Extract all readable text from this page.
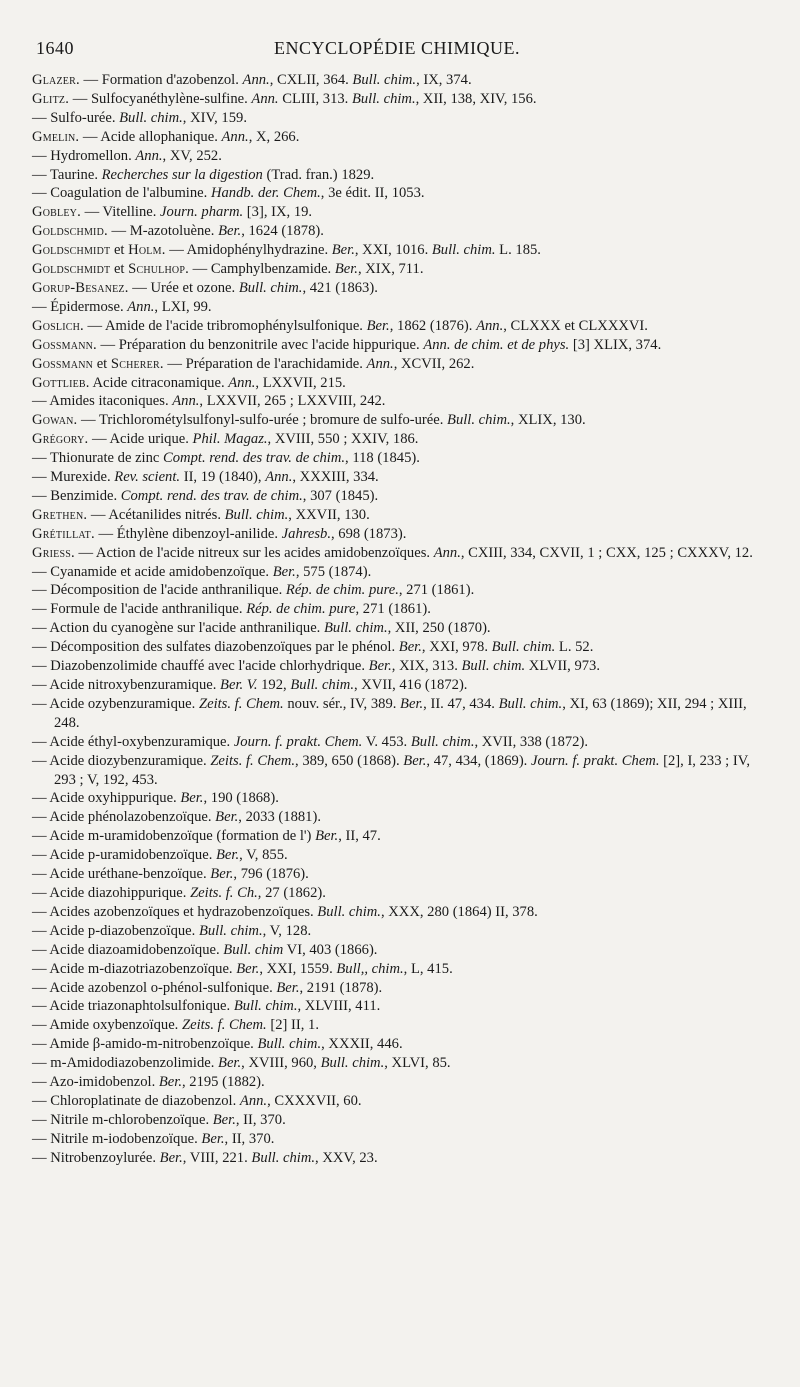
1640	ENCYCLOPÉDIE CHIMIQUE.
Glazer. — Formation d'azobenzol. Ann., CXLII, 364. Bull. chim., IX, 374.
Glitz. — Sulfocyanéthylène-sulfine. Ann. CLIII, 313. Bull. chim., XII, 138, XIV, 156.
— Sulfo-urée. Bull. chim., XIV, 159.
Gmelin. — Acide allophanique. Ann., X, 266.
— Hydromellon. Ann., XV, 252.
— Taurine. Recherches sur la digestion (Trad. fran.) 1829.
— Coagulation de l'albumine. Handb. der. Chem., 3e édit. II, 1053.
Gobley. — Vitelline. Journ. pharm. [3], IX, 19.
Goldschmid. — M-azotoluène. Ber., 1624 (1878).
Goldschmidt et Holm. — Amidophénylhydrazine. Ber., XXI, 1016. Bull. chim. L. 185.
Goldschmidt et Schulhop. — Camphylbenzamide. Ber., XIX, 711.
Gorup-Besanez. — Urée et ozone. Bull. chim., 421 (1863).
— Épidermose. Ann., LXI, 99.
Goslich. — Amide de l'acide tribromophénylsulfonique. Ber., 1862 (1876). Ann., CLXXX et CLXXXVI.
Gossmann. — Préparation du benzonitrile avec l'acide hippurique. Ann. de chim. et de phys. [3] XLIX, 374.
Gossmann et Scherer. — Préparation de l'arachidamide. Ann., XCVII, 262.
Gottlieb. Acide citraconamique. Ann., LXXVII, 215.
— Amides itaconiques. Ann., LXXVII, 265 ; LXXVIII, 242.
Gowan. — Trichlorométylsulfonyl-sulfo-urée ; bromure de sulfo-urée. Bull. chim., XLIX, 130.
Grégory. — Acide urique. Phil. Magaz., XVIII, 550 ; XXIV, 186.
— Thionurate de zinc Compt. rend. des trav. de chim., 118 (1845).
— Murexide. Rev. scient. II, 19 (1840), Ann., XXXIII, 334.
— Benzimide. Compt. rend. des trav. de chim., 307 (1845).
Grethen. — Acétanilides nitrés. Bull. chim., XXVII, 130.
Grétillat. — Éthylène dibenzoyl-anilide. Jahresb., 698 (1873).
Griess. — Action de l'acide nitreux sur les acides amidobenzoïques. Ann., CXIII, 334, CXVII, 1 ; CXX, 125 ; CXXXV, 12.
— Cyanamide et acide amidobenzoïque. Ber., 575 (1874).
— Décomposition de l'acide anthranilique. Rép. de chim. pure., 271 (1861).
— Formule de l'acide anthranilique. Rép. de chim. pure, 271 (1861).
— Action du cyanogène sur l'acide anthranilique. Bull. chim., XII, 250 (1870).
— Décomposition des sulfates diazobenzoïques par le phénol. Ber., XXI, 978. Bull. chim. L. 52.
— Diazobenzolimide chauffé avec l'acide chlorhydrique. Ber., XIX, 313. Bull. chim. XLVII, 973.
— Acide nitroxybenzuramique. Ber. V. 192, Bull. chim., XVII, 416 (1872).
— Acide ozybenzuramique. Zeits. f. Chem. nouv. sér., IV, 389. Ber., II. 47, 434. Bull. chim., XI, 63 (1869); XII, 294 ; XIII, 248.
— Acide éthyl-oxybenzuramique. Journ. f. prakt. Chem. V. 453. Bull. chim., XVII, 338 (1872).
— Acide diozybenzuramique. Zeits. f. Chem., 389, 650 (1868). Ber., 47, 434, (1869). Journ. f. prakt. Chem. [2], I, 233 ; IV, 293 ; V, 192, 453.
— Acide oxyhippurique. Ber., 190 (1868).
— Acide phénolazobenzoïque. Ber., 2033 (1881).
— Acide m-uramidobenzoïque (formation de l') Ber., II, 47.
— Acide p-uramidobenzoïque. Ber., V, 855.
— Acide uréthane-benzoïque. Ber., 796 (1876).
— Acide diazohippurique. Zeits. f. Ch., 27 (1862).
— Acides azobenzoïques et hydrazobenzoïques. Bull. chim., XXX, 280 (1864) II, 378.
— Acide p-diazobenzoïque. Bull. chim., V, 128.
— Acide diazoamidobenzoïque. Bull. chim VI, 403 (1866).
— Acide m-diazotriazobenzoïque. Ber., XXI, 1559. Bull,, chim., L, 415.
— Acide azobenzol o-phénol-sulfonique. Ber., 2191 (1878).
— Acide triazonaphtolsulfonique. Bull. chim., XLVIII, 411.
— Amide oxybenzoïque. Zeits. f. Chem. [2] II, 1.
— Amide β-amido-m-nitrobenzoïque. Bull. chim., XXXII, 446.
— m-Amidodiazobenzolimide. Ber., XVIII, 960, Bull. chim., XLVI, 85.
— Azo-imidobenzol. Ber., 2195 (1882).
— Chloroplatinate de diazobenzol. Ann., CXXXVII, 60.
— Nitrile m-chlorobenzoïque. Ber., II, 370.
— Nitrile m-iodobenzoïque. Ber., II, 370.
— Nitrobenzoylurée. Ber., VIII, 221. Bull. chim., XXV, 23.
